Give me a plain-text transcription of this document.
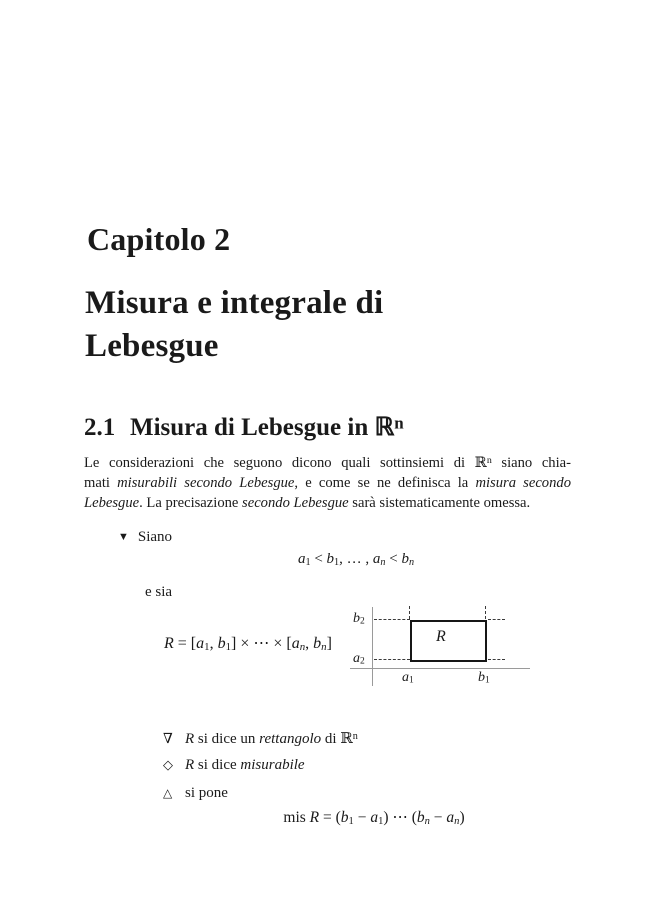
Capitolo 2
Misura e integrale di
Lebesgue
2.1 Misura di Lebesgue in ℝ$^n$
Le considerazioni che seguono dicono quali sottinsiemi di ℝ$^n$ siano chia-
mati misurabili secondo Lebesgue, e come se ne definisca la misura secondo
Lebesgue. La precisazione secondo Lebesgue sarà sistematicamente omessa.
▼ Siano
a1 < b1, … , an < bn
e sia
R = [a1, b1] × ⋯ × [an, bn]
b2
a2
a1	b1
R
∇ R si dice un rettangolo di ℝ$^n$
◇ R si dice misurabile
△ si pone
mis R = (b1 − a1) ⋯ (bn − an)
